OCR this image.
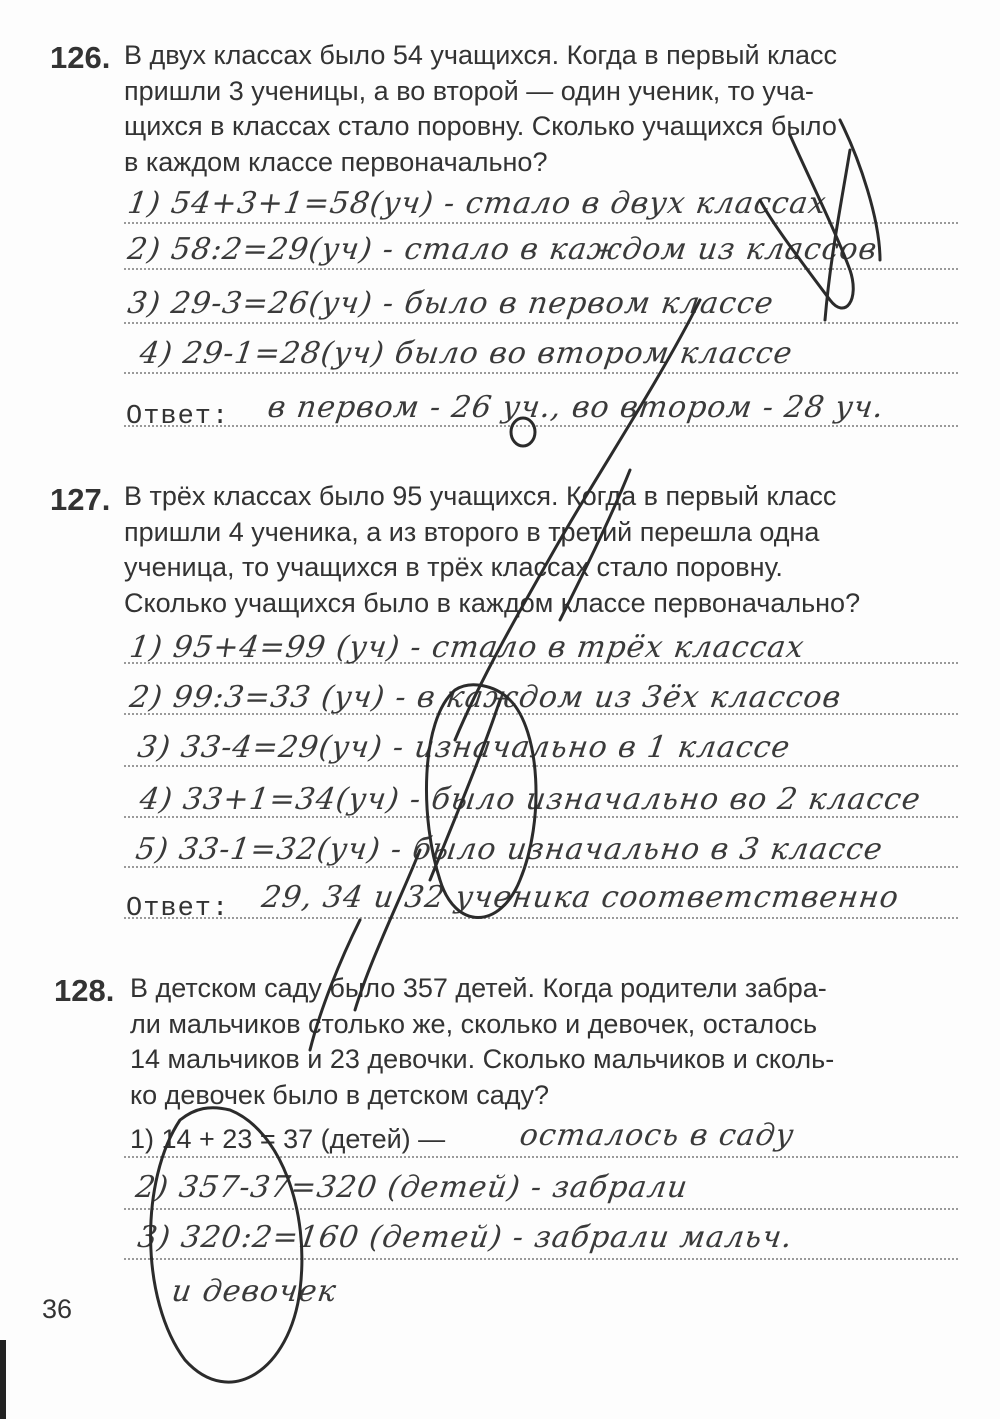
126. В двух классах было 54 учащихся. Когда в первый класс
пришли 3 ученицы, а во второй — один ученик, то уча-
щихся в классах стало поровну. Сколько учащихся было
в каждом классе первоначально?
1) 54+3+1=58(уч) - стало в двух классах
2) 58:2=29(уч) - стало в каждом из классов
3) 29-3=26(уч) - было в первом классе
4) 29-1=28(уч) было во втором классе
Ответ: в первом - 26 уч., во втором - 28 уч.
127. В трёх классах было 95 учащихся. Когда в первый класс
пришли 4 ученика, а из второго в третий перешла одна
ученица, то учащихся в трёх классах стало поровну.
Сколько учащихся было в каждом классе первоначально?
1) 95+4=99 (уч) - стало в трёх классах
2) 99:3=33 (уч) - в каждом из 3ёх классов
3) 33-4=29(уч) - изначально в 1 классе
4) 33+1=34(уч) - было изначально во 2 классе
5) 33-1=32(уч) - было изначально в 3 классе
Ответ: 29, 34 и 32 ученика соответственно
128. В детском саду было 357 детей. Когда родители забра-
ли мальчиков столько же, сколько и девочек, осталось
14 мальчиков и 23 девочки. Сколько мальчиков и сколь-
ко девочек было в детском саду?
1) 14 + 23 = 37 (детей) — осталось в саду
2) 357-37=320 (детей) - забрали
3) 320:2=160 (детей) - забрали мальч.
и девочек
36
